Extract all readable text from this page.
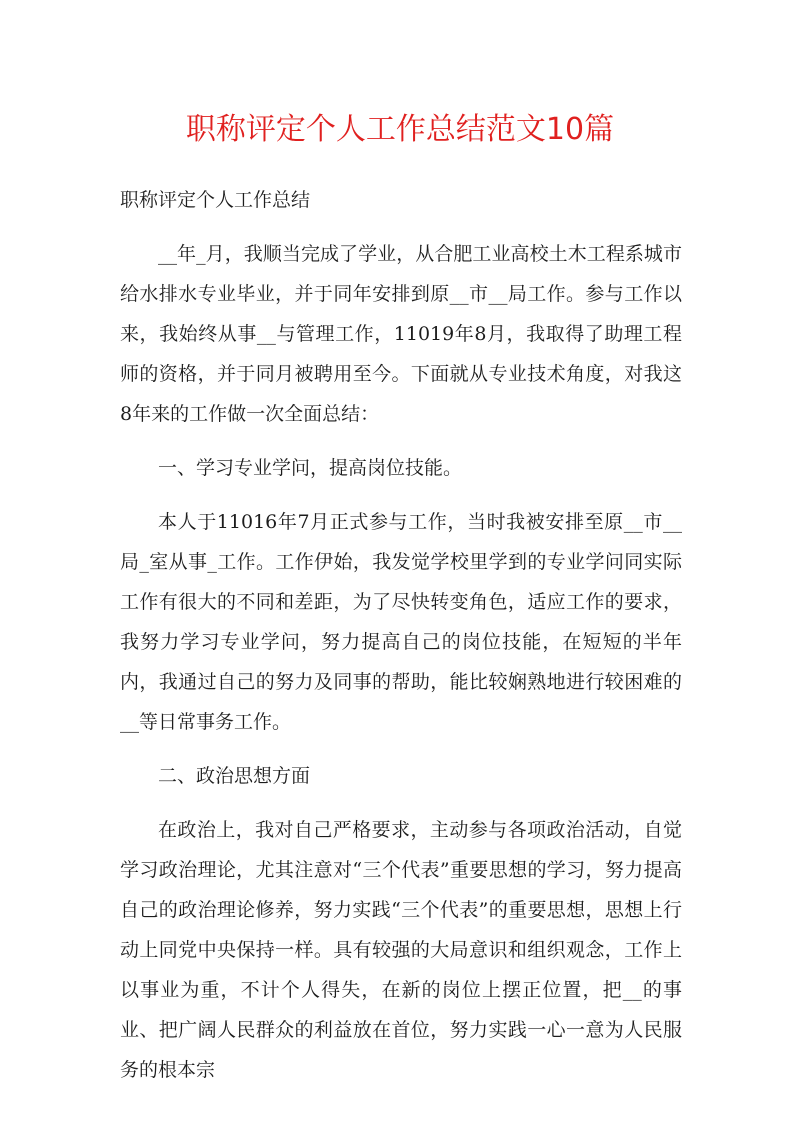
职称评定个人工作总结范文10篇

职称评定个人工作总结

__年_月，我顺当完成了学业，从合肥工业高校土木工程系城市给水排水专业毕业，并于同年安排到原__市__局工作。参与工作以来，我始终从事__与管理工作，11019年8月，我取得了助理工程师的资格，并于同月被聘用至今。下面就从专业技术角度，对我这8年来的工作做一次全面总结：

一、学习专业学问，提高岗位技能。

本人于11016年7月正式参与工作，当时我被安排至原__市__局_室从事_工作。工作伊始，我发觉学校里学到的专业学问同实际工作有很大的不同和差距，为了尽快转变角色，适应工作的要求，我努力学习专业学问，努力提高自己的岗位技能，在短短的半年内，我通过自己的努力及同事的帮助，能比较娴熟地进行较困难的__等日常事务工作。

二、政治思想方面

在政治上，我对自己严格要求，主动参与各项政治活动，自觉学习政治理论，尤其注意对“三个代表”重要思想的学习，努力提高自己的政治理论修养，努力实践“三个代表”的重要思想，思想上行动上同党中央保持一样。具有较强的大局意识和组织观念，工作上以事业为重，不计个人得失，在新的岗位上摆正位置，把__的事业、把广阔人民群众的利益放在首位，努力实践一心一意为人民服务的根本宗
